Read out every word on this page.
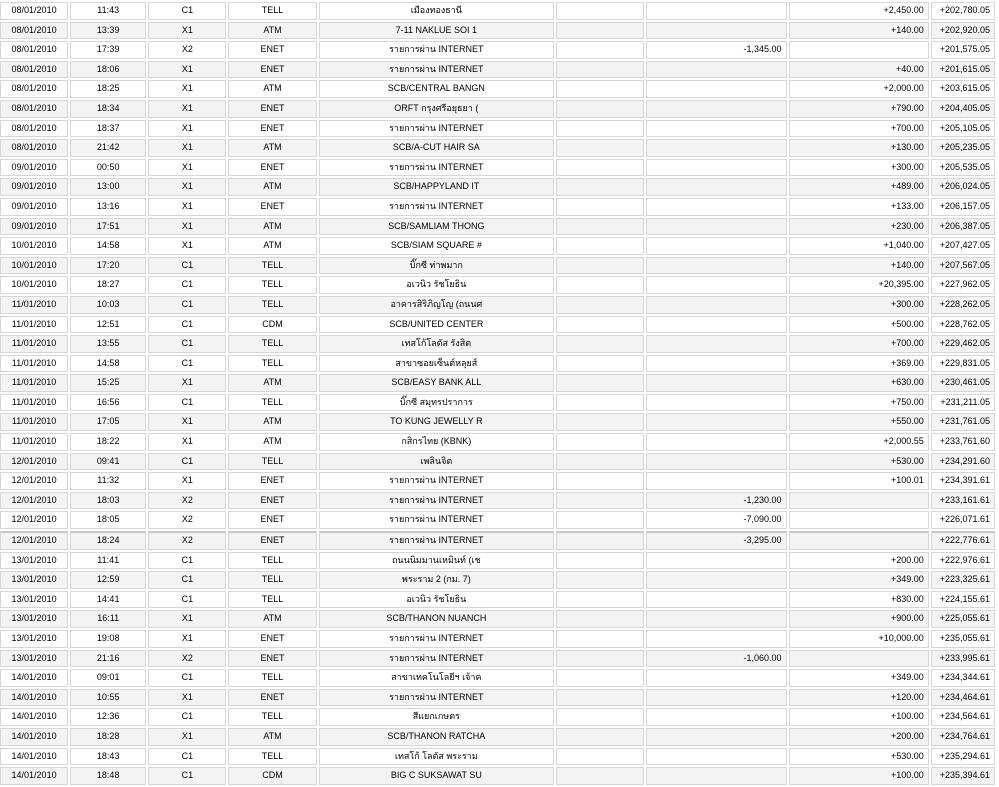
08/01/2010	11:43	C1	TELL	เมืองทองธานี			+2,450.00	+202,780.05
08/01/2010	13:39	X1	ATM	7-11 NAKLUE SOI 1			+140.00	+202,920.05
08/01/2010	17:39	X2	ENET	รายการผ่าน INTERNET		-1,345.00		+201,575.05
08/01/2010	18:06	X1	ENET	รายการผ่าน INTERNET			+40.00	+201,615.05
08/01/2010	18:25	X1	ATM	SCB/CENTRAL BANGN			+2,000.00	+203,615.05
08/01/2010	18:34	X1	ENET	ORFT กรุงศรีอยุธยา (			+790.00	+204,405.05
08/01/2010	18:37	X1	ENET	รายการผ่าน INTERNET			+700.00	+205,105.05
08/01/2010	21:42	X1	ATM	SCB/A-CUT HAIR SA			+130.00	+205,235.05
09/01/2010	00:50	X1	ENET	รายการผ่าน INTERNET			+300.00	+205,535.05
09/01/2010	13:00	X1	ATM	SCB/HAPPYLAND IT			+489.00	+206,024.05
09/01/2010	13:16	X1	ENET	รายการผ่าน INTERNET			+133.00	+206,157.05
09/01/2010	17:51	X1	ATM	SCB/SAMLIAM THONG			+230.00	+206,387.05
10/01/2010	14:58	X1	ATM	SCB/SIAM SQUARE #			+1,040.00	+207,427.05
10/01/2010	17:20	C1	TELL	บิ๊กซี ท่าพมาก			+140.00	+207,567.05
10/01/2010	18:27	C1	TELL	อเวนิว รัชโยธิน			+20,395.00	+227,962.05
11/01/2010	10:03	C1	TELL	อาคารสิริภิญโญ (ถนนศ			+300.00	+228,262.05
11/01/2010	12:51	C1	CDM	SCB/UNITED CENTER			+500.00	+228,762.05
11/01/2010	13:55	C1	TELL	เทสโก้โลตัส รังสิต			+700.00	+229,462.05
11/01/2010	14:58	C1	TELL	สาขาซอยเซ็นต์หลุยส์			+369.00	+229,831.05
11/01/2010	15:25	X1	ATM	SCB/EASY BANK ALL			+630.00	+230,461.05
11/01/2010	16:56	C1	TELL	บิ๊กซี สมุทรปราการ			+750.00	+231,211.05
11/01/2010	17:05	X1	ATM	TO KUNG JEWELLY R			+550.00	+231,761.05
11/01/2010	18:22	X1	ATM	กสิกรไทย (KBNK)			+2,000.55	+233,761.60
12/01/2010	09:41	C1	TELL	เพลินจิต			+530.00	+234,291.60
12/01/2010	11:32	X1	ENET	รายการผ่าน INTERNET			+100.01	+234,391.61
12/01/2010	18:03	X2	ENET	รายการผ่าน INTERNET		-1,230.00		+233,161.61
12/01/2010	18:05	X2	ENET	รายการผ่าน INTERNET		-7,090.00		+226,071.61
12/01/2010	18:24	X2	ENET	รายการผ่าน INTERNET		-3,295.00		+222,776.61
13/01/2010	11:41	C1	TELL	ถนนนิมมานเหมินท์ (เช			+200.00	+222,976.61
13/01/2010	12:59	C1	TELL	พระราม 2 (กม. 7)			+349.00	+223,325.61
13/01/2010	14:41	C1	TELL	อเวนิว รัชโยธิน			+830.00	+224,155.61
13/01/2010	16:11	X1	ATM	SCB/THANON NUANCH			+900.00	+225,055.61
13/01/2010	19:08	X1	ENET	รายการผ่าน INTERNET			+10,000.00	+235,055.61
13/01/2010	21:16	X2	ENET	รายการผ่าน INTERNET		-1,060.00		+233,995.61
14/01/2010	09:01	C1	TELL	สาขาเทคโนโลยีฯ เจ้าค			+349.00	+234,344.61
14/01/2010	10:55	X1	ENET	รายการผ่าน INTERNET			+120.00	+234,464.61
14/01/2010	12:36	C1	TELL	สีแยกเกษตร			+100.00	+234,564.61
14/01/2010	18:28	X1	ATM	SCB/THANON RATCHA			+200.00	+234,764.61
14/01/2010	18:43	C1	TELL	เทสโก้ โลตัส พระราม			+530.00	+235,294.61
14/01/2010	18:48	C1	CDM	BIG C SUKSAWAT SU			+100.00	+235,394.61
